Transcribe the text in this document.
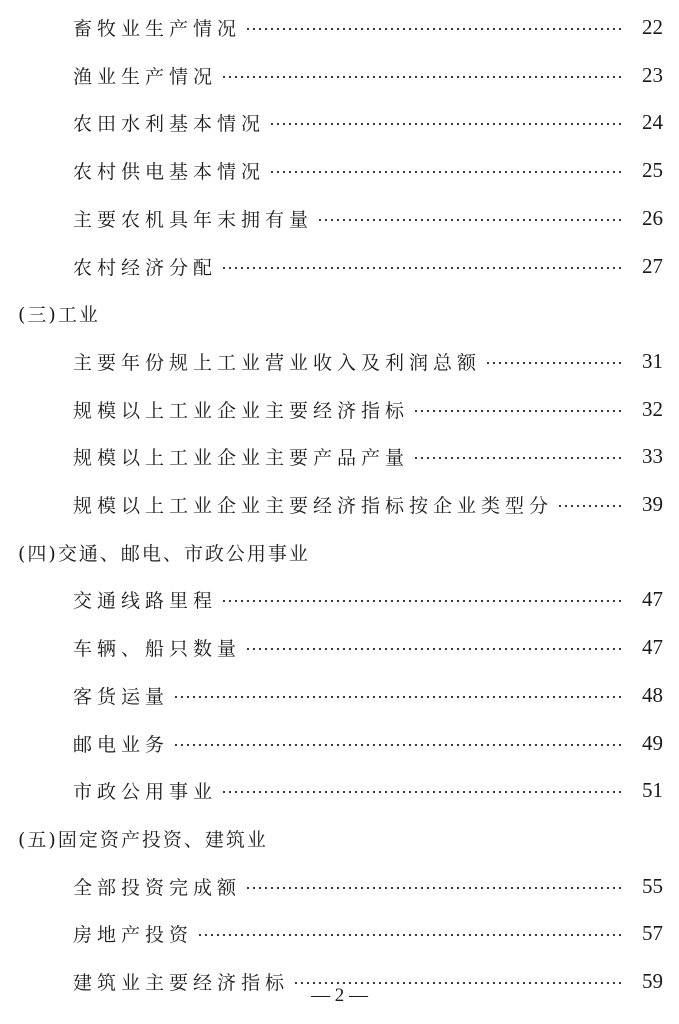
畜牧业生产情况	22
渔业生产情况	23
农田水利基本情况	24
农村供电基本情况	25
主要农机具年末拥有量	26
农村经济分配	27
(三)工业
主要年份规上工业营业收入及利润总额	31
规模以上工业企业主要经济指标	32
规模以上工业企业主要产品产量	33
规模以上工业企业主要经济指标按企业类型分	39
(四)交通、邮电、市政公用事业
交通线路里程	47
车辆、船只数量	47
客货运量	48
邮电业务	49
市政公用事业	51
(五)固定资产投资、建筑业
全部投资完成额	55
房地产投资	57
建筑业主要经济指标	59
— 2 —
